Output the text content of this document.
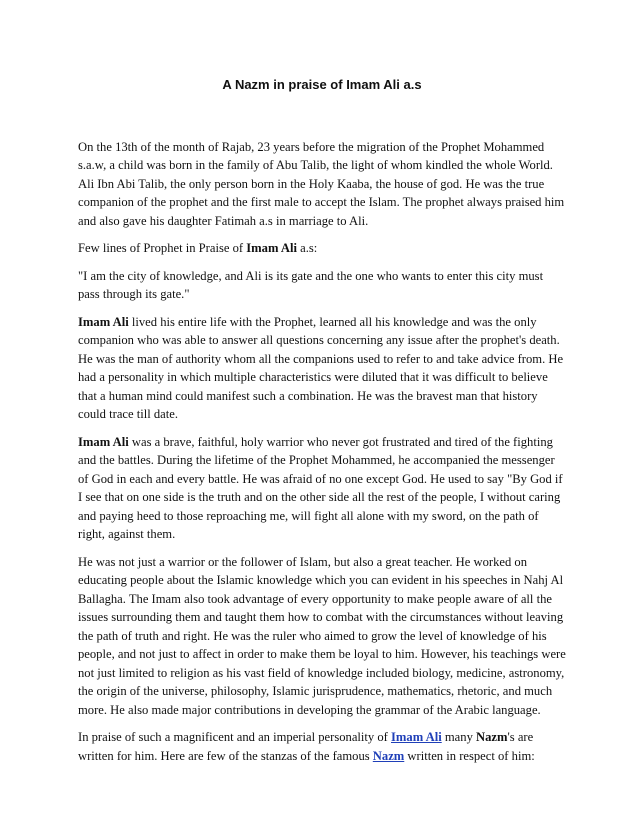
A Nazm in praise of Imam Ali a.s

On the 13th of the month of Rajab, 23 years before the migration of the Prophet Mohammed s.a.w, a child was born in the family of Abu Talib, the light of whom kindled the whole World. Ali Ibn Abi Talib, the only person born in the Holy Kaaba, the house of god. He was the true companion of the prophet and the first male to accept the Islam. The prophet always praised him and also gave his daughter Fatimah a.s in marriage to Ali.

Few lines of Prophet in Praise of Imam Ali a.s:

"I am the city of knowledge, and Ali is its gate and the one who wants to enter this city must pass through its gate."

Imam Ali lived his entire life with the Prophet, learned all his knowledge and was the only companion who was able to answer all questions concerning any issue after the prophet's death. He was the man of authority whom all the companions used to refer to and take advice from. He had a personality in which multiple characteristics were diluted that it was difficult to believe that a human mind could manifest such a combination. He was the bravest man that history could trace till date.

Imam Ali was a brave, faithful, holy warrior who never got frustrated and tired of the fighting and the battles. During the lifetime of the Prophet Mohammed, he accompanied the messenger of God in each and every battle. He was afraid of no one except God. He used to say "By God if I see that on one side is the truth and on the other side all the rest of the people, I without caring and paying heed to those reproaching me, will fight all alone with my sword, on the path of right, against them.

He was not just a warrior or the follower of Islam, but also a great teacher. He worked on educating people about the Islamic knowledge which you can evident in his speeches in Nahj Al Ballagha. The Imam also took advantage of every opportunity to make people aware of all the issues surrounding them and taught them how to combat with the circumstances without leaving the path of truth and right. He was the ruler who aimed to grow the level of knowledge of his people, and not just to affect in order to make them be loyal to him. However, his teachings were not just limited to religion as his vast field of knowledge included biology, medicine, astronomy, the origin of the universe, philosophy, Islamic jurisprudence, mathematics, rhetoric, and much more. He also made major contributions in developing the grammar of the Arabic language.

In praise of such a magnificent and an imperial personality of Imam Ali many Nazm's are written for him. Here are few of the stanzas of the famous Nazm written in respect of him:
